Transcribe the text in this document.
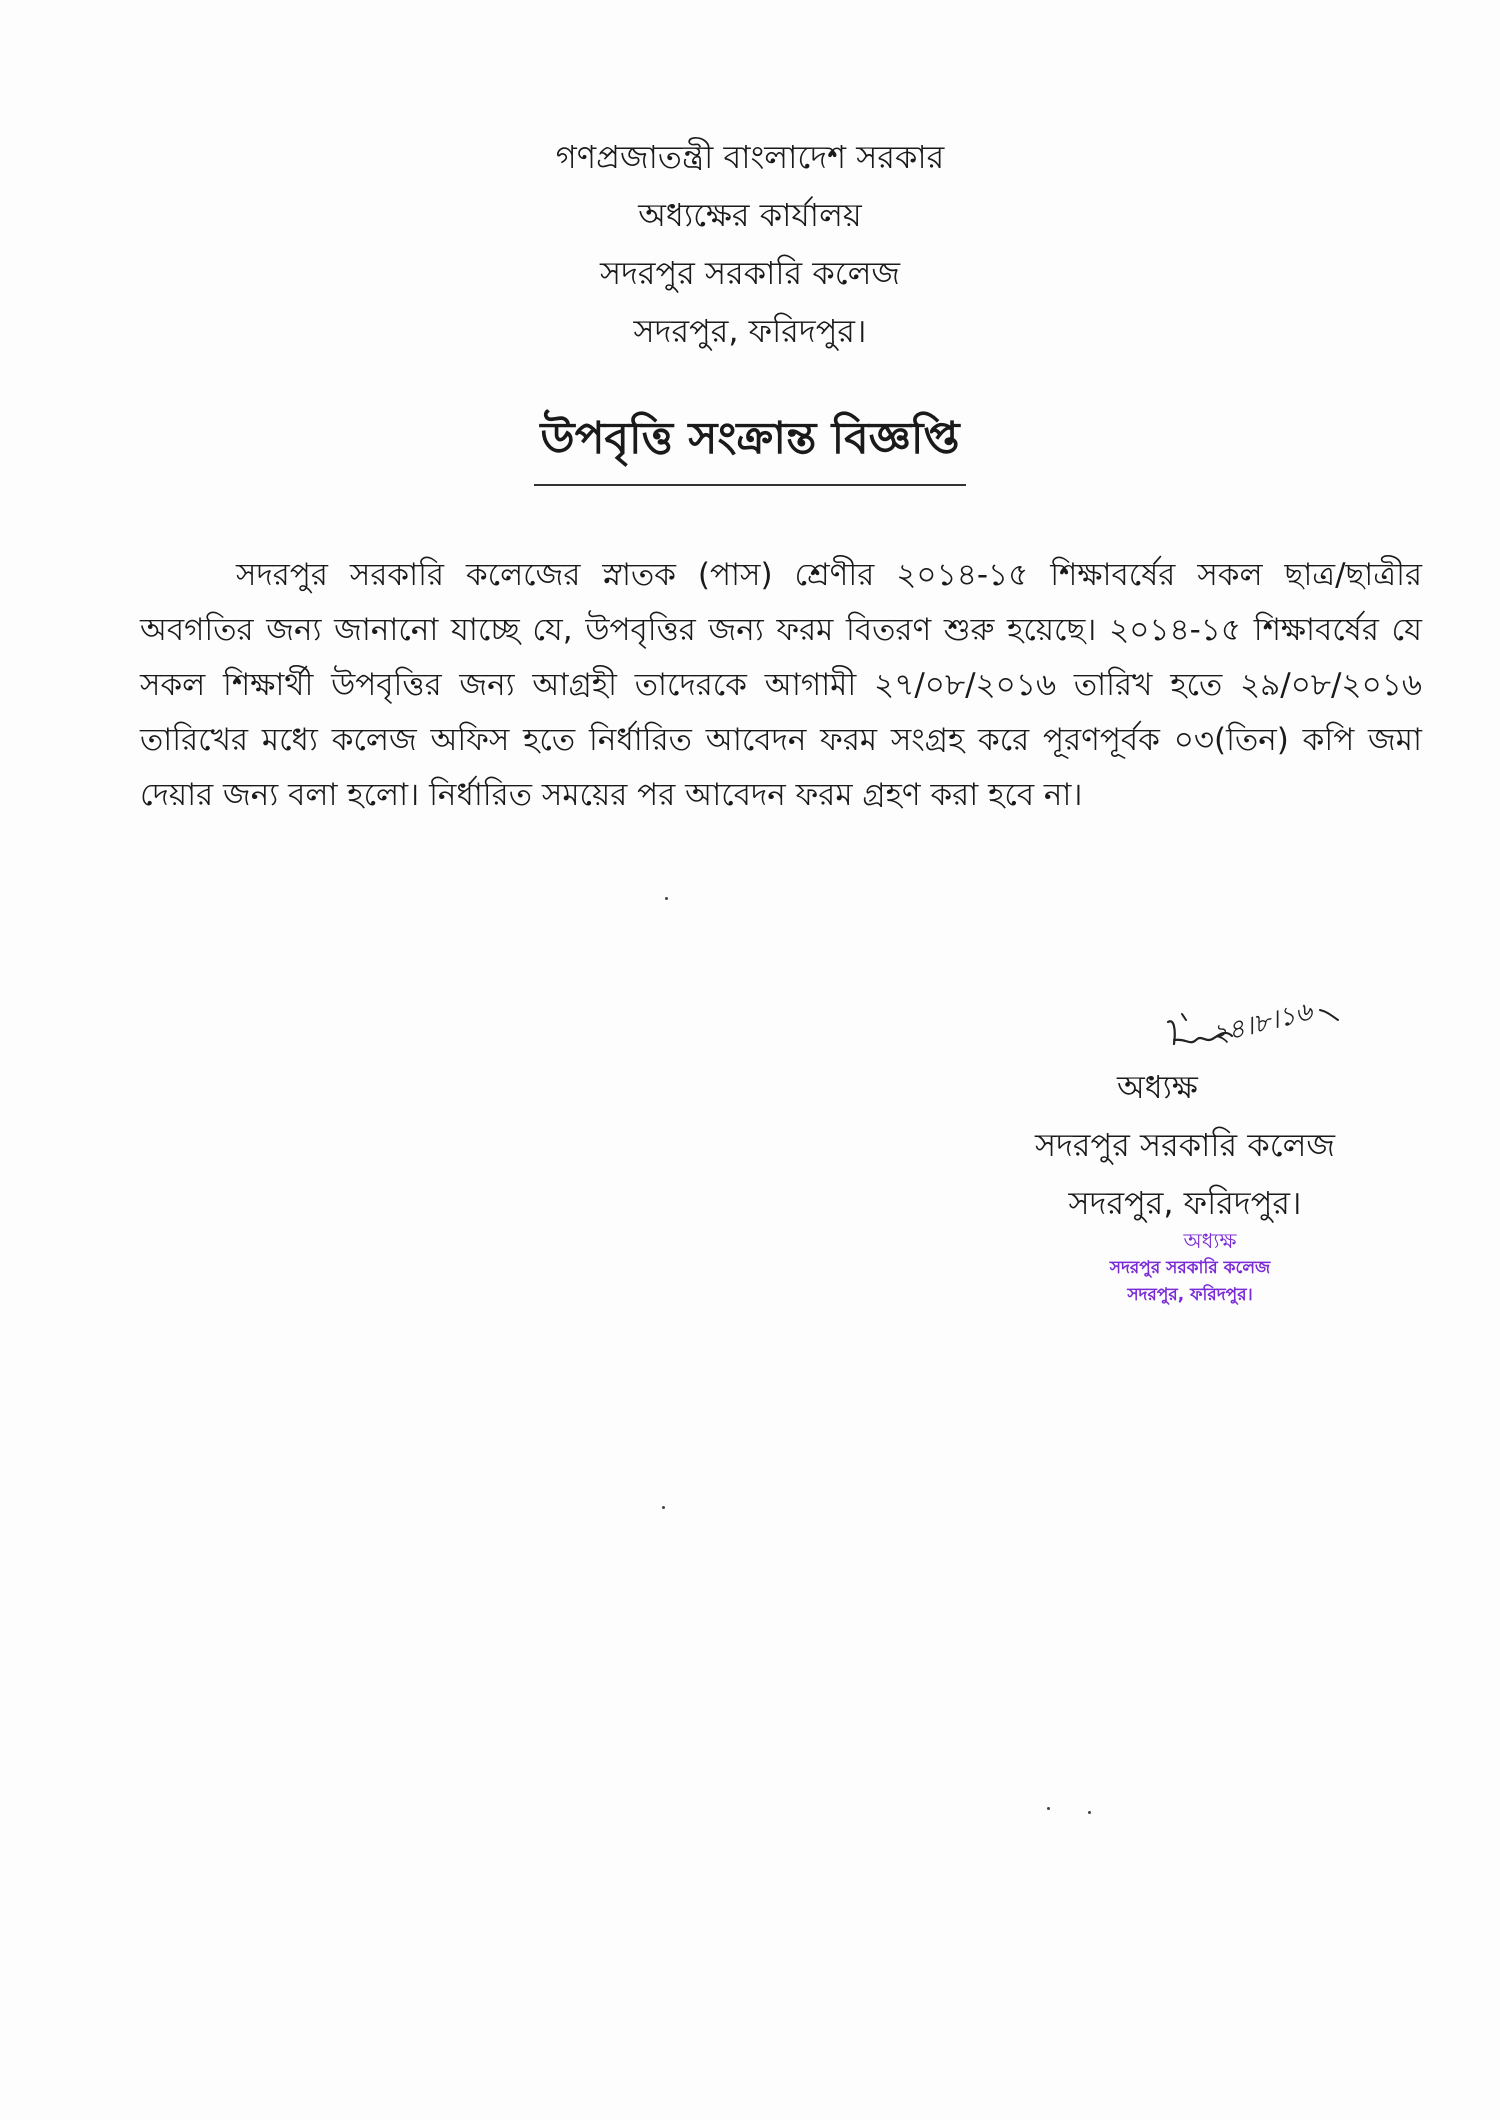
গণপ্রজাতন্ত্রী বাংলাদেশ সরকার
অধ্যক্ষের কার্যালয়
সদরপুর সরকারি কলেজ
সদরপুর, ফরিদপুর।
উপবৃত্তি সংক্রান্ত বিজ্ঞপ্তি

সদরপুর সরকারি কলেজের স্নাতক (পাস) শ্রেণীর ২০১৪-১৫ শিক্ষাবর্ষের সকল ছাত্র/ছাত্রীর অবগতির জন্য জানানো যাচ্ছে যে, উপবৃত্তির জন্য ফরম বিতরণ শুরু হয়েছে। ২০১৪-১৫ শিক্ষাবর্ষের যে সকল শিক্ষার্থী উপবৃত্তির জন্য আগ্রহী তাদেরকে আগামী ২৭/০৮/২০১৬ তারিখ হতে ২৯/০৮/২০১৬ তারিখের মধ্যে কলেজ অফিস হতে নির্ধারিত আবেদন ফরম সংগ্রহ করে পূরণপূর্বক ০৩(তিন) কপি জমা দেয়ার জন্য বলা হলো। নির্ধারিত সময়ের পর আবেদন ফরম গ্রহণ করা হবে না।

২৪।৮।১৬
অধ্যক্ষ
সদরপুর সরকারি কলেজ
সদরপুর, ফরিদপুর।
অধ্যক্ষ
সদরপুর সরকারি কলেজ
সদরপুর, ফরিদপুর।
